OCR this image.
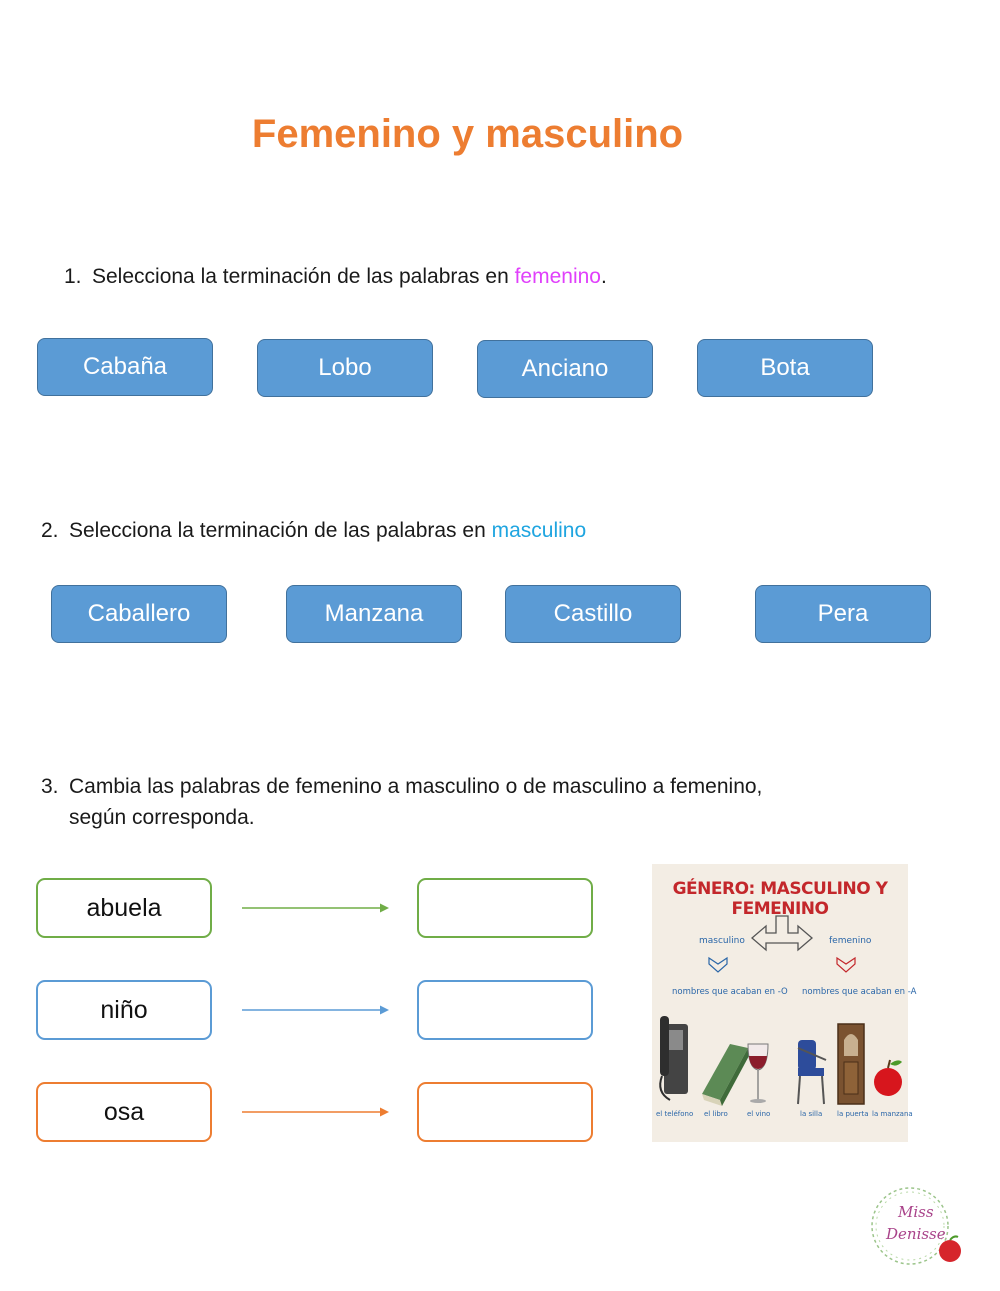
Femenino y masculino
1. Selecciona la terminación de las palabras en femenino.
Cabaña	Lobo	Anciano	Bota
2. Selecciona la terminación de las palabras en masculino
Caballero	Manzana	Castillo	Pera
3. Cambia las palabras de femenino a masculino o de masculino a femenino,
según corresponda.
abuela
niño
osa
GÉNERO: MASCULINO Y FEMENINO
masculino	femenino
nombres que acaban en -O nombres que acaban en -A
el teléfono el libro	el vino	la silla la puerta la manzana
Miss
Denisse
